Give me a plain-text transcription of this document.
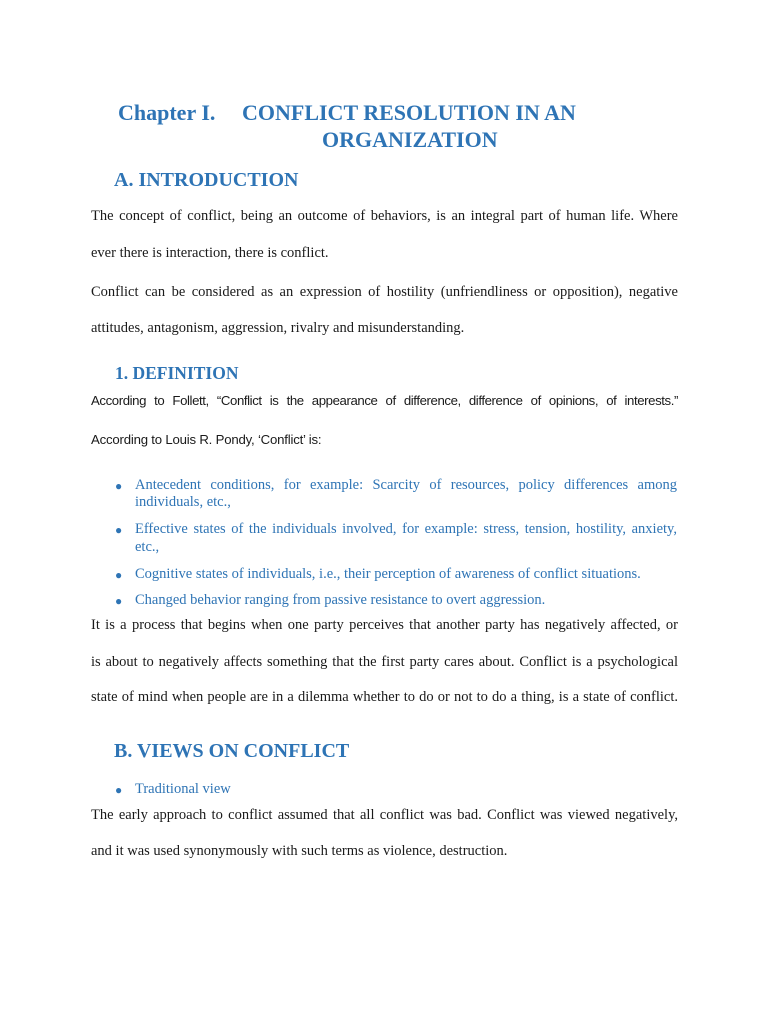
Chapter I. CONFLICT RESOLUTION IN AN
ORGANIZATION
A. INTRODUCTION
The concept of conflict, being an outcome of behaviors, is an integral part of human life. Where
ever there is interaction, there is conflict.
Conflict can be considered as an expression of hostility (unfriendliness or opposition), negative
attitudes, antagonism, aggression, rivalry and misunderstanding.
1. DEFINITION
According to Follett, “Conflict is the appearance of difference, difference of opinions, of interests.”
According to Louis R. Pondy, ‘Conflict’ is:
● Antecedent conditions, for example: Scarcity of resources, policy differences among
individuals, etc.,
● Effective states of the individuals involved, for example: stress, tension, hostility, anxiety,
etc.,
● Cognitive states of individuals, i.e., their perception of awareness of conflict situations.
● Changed behavior ranging from passive resistance to overt aggression.
It is a process that begins when one party perceives that another party has negatively affected, or
is about to negatively affects something that the first party cares about. Conflict is a psychological
state of mind when people are in a dilemma whether to do or not to do a thing, is a state of conflict.
B. VIEWS ON CONFLICT
● Traditional view
The early approach to conflict assumed that all conflict was bad. Conflict was viewed negatively,
and it was used synonymously with such terms as violence, destruction.
